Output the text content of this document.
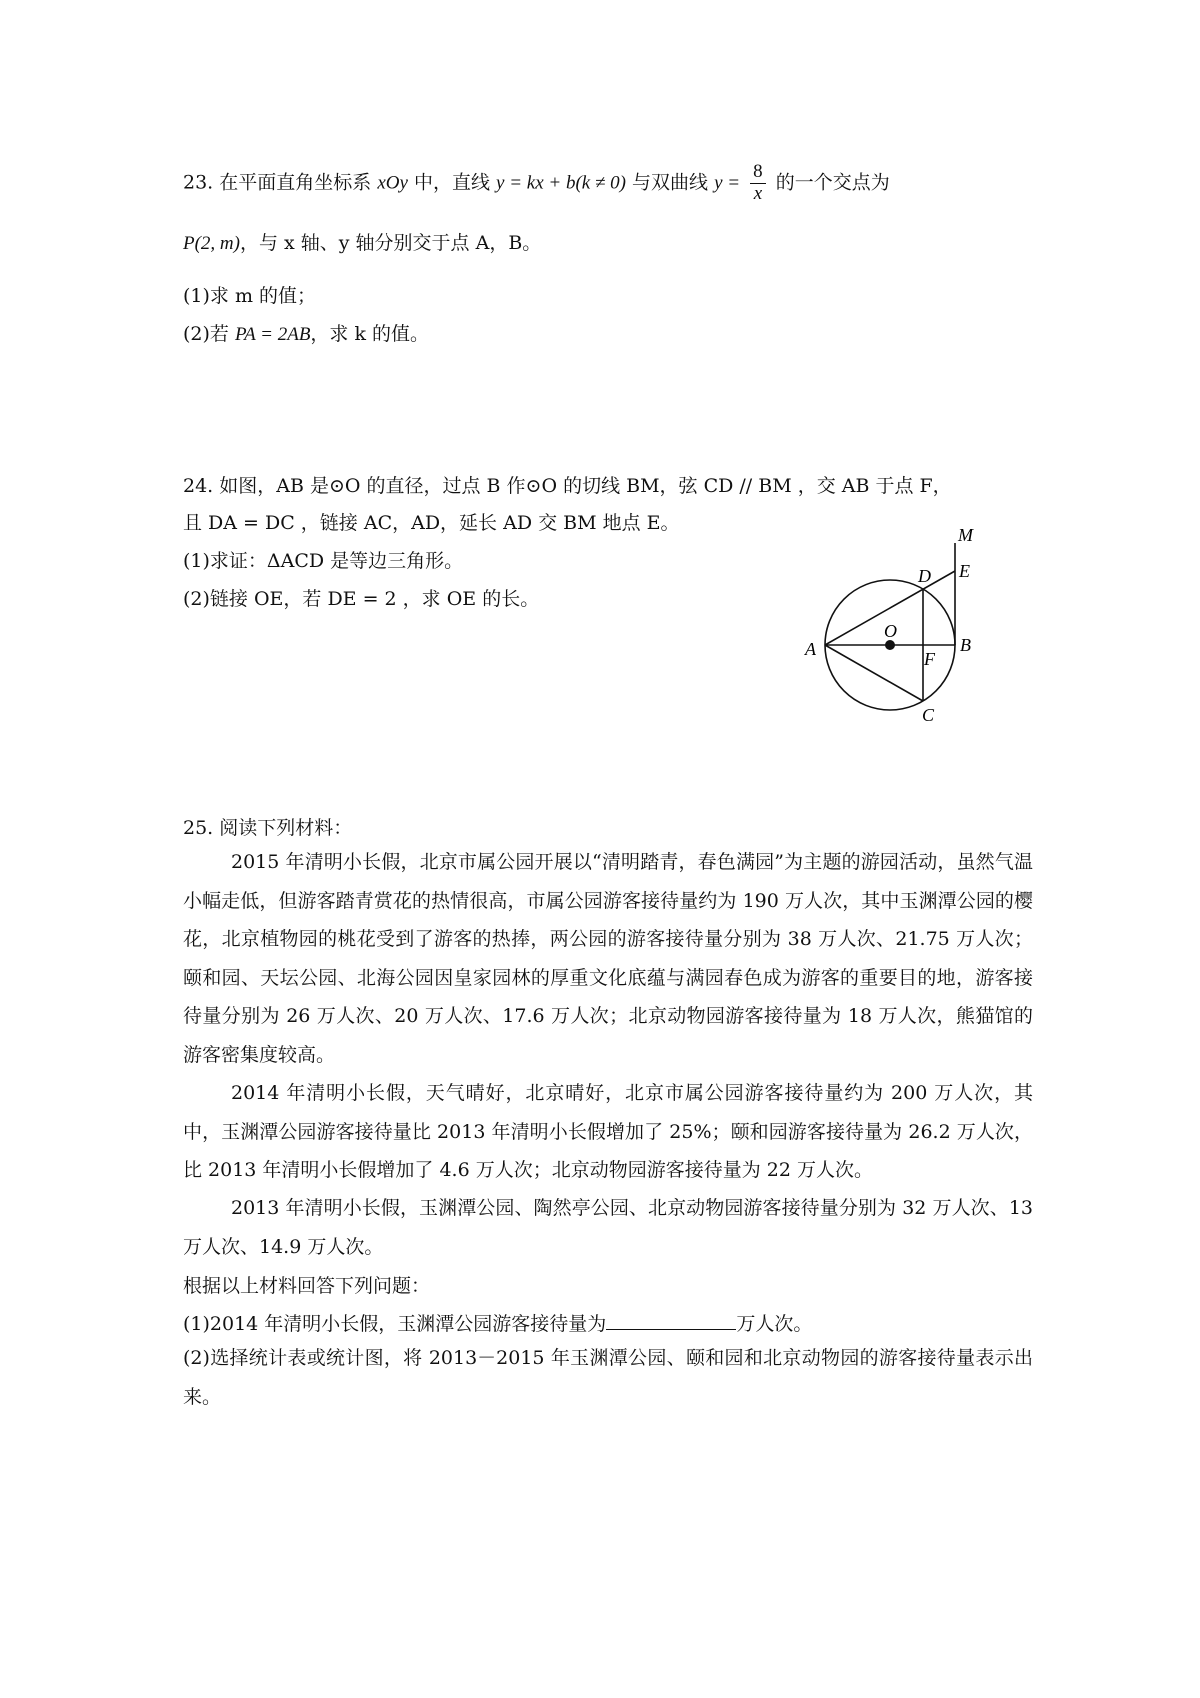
23. 在平面直角坐标系 xOy 中，直线 y = kx + b(k ≠ 0) 与双曲线 $y = \frac{8}{x}$ 的一个交点为
P(2, m)，与 x 轴、y 轴分别交于点 A，B。
(1)求 m 的值；
(2)若 PA = 2AB，求 k 的值。
24. 如图，AB 是⊙O 的直径，过点 B 作⊙O 的切线 BM，弦 CD // BM ，交 AB 于点 F，
且 DA = DC ，链接 AC，AD，延长 AD 交 BM 地点 E。
(1)求证：ΔACD 是等边三角形。
(2)链接 OE，若 DE = 2 ，求 OE 的长。
A	B
C
D E
F
O
M
25. 阅读下列材料：
2015 年清明小长假，北京市属公园开展以“清明踏青，春色满园”为主题的游园活动，虽然气温小幅走低，但游客踏青赏花的热情很高，市属公园游客接待量约为 190 万人次，其中玉渊潭公园的樱花，北京植物园的桃花受到了游客的热捧，两公园的游客接待量分别为 38 万人次、21.75 万人次；颐和园、天坛公园、北海公园因皇家园林的厚重文化底蕴与满园春色成为游客的重要目的地，游客接待量分别为 26 万人次、20 万人次、17.6 万人次；北京动物园游客接待量为 18 万人次，熊猫馆的游客密集度较高。
2014 年清明小长假，天气晴好，北京晴好，北京市属公园游客接待量约为 200 万人次，其中，玉渊潭公园游客接待量比 2013 年清明小长假增加了 25%；颐和园游客接待量为 26.2 万人次，比 2013 年清明小长假增加了 4.6 万人次；北京动物园游客接待量为 22 万人次。
2013 年清明小长假，玉渊潭公园、陶然亭公园、北京动物园游客接待量分别为 32 万人次、13 万人次、14.9 万人次。
根据以上材料回答下列问题：
(1)2014 年清明小长假，玉渊潭公园游客接待量为	万人次。
(2)选择统计表或统计图，将 2013－2015 年玉渊潭公园、颐和园和北京动物园的游客接待量表示出来。
